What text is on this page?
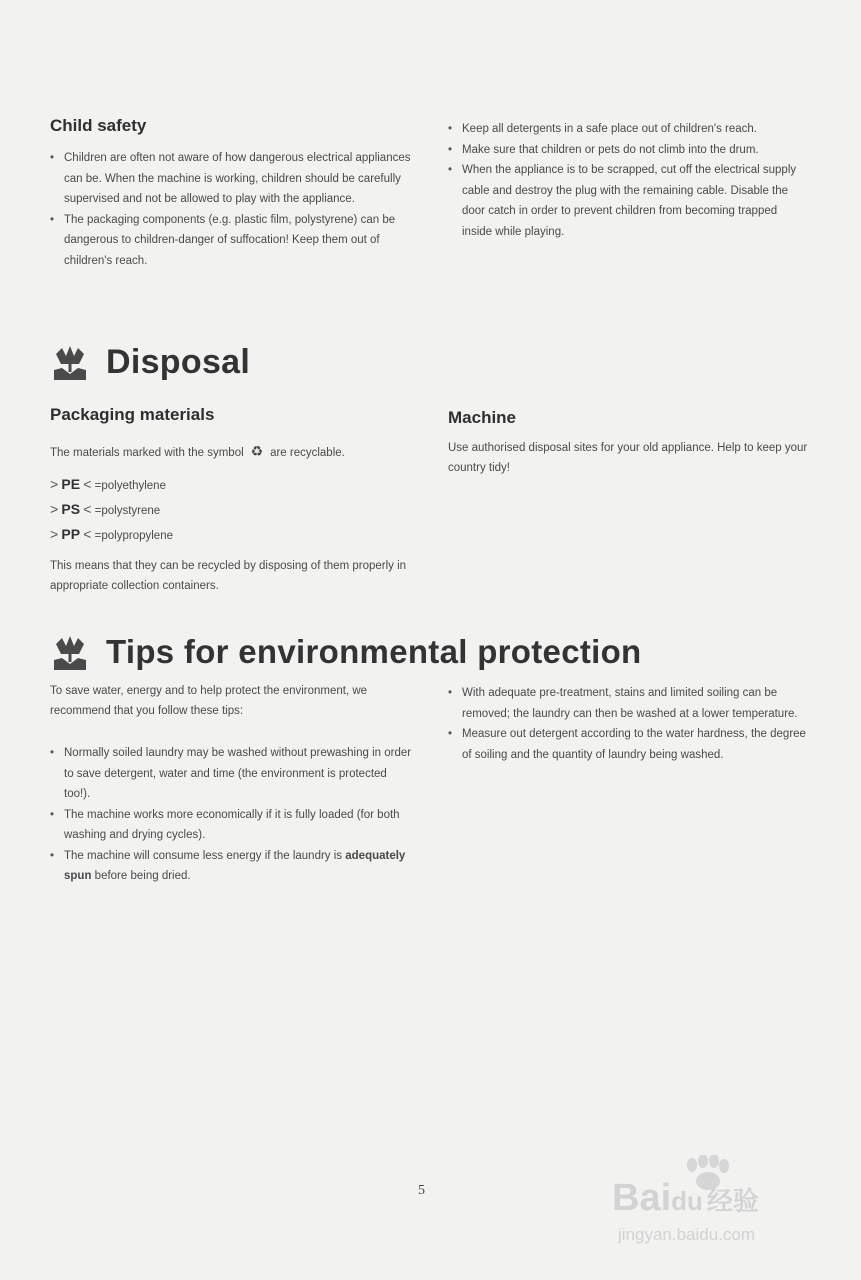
Child safety
• Children are often not aware of how dangerous electrical appliances can be. When the machine is working, children should be carefully supervised and not be allowed to play with the appliance.
• The packaging components (e.g. plastic film, polystyrene) can be dangerous to children-danger of suffocation! Keep them out of children's reach.
• Keep all detergents in a safe place out of children's reach.
• Make sure that children or pets do not climb into the drum.
• When the appliance is to be scrapped, cut off the electrical supply cable and destroy the plug with the remaining cable. Disable the door catch in order to prevent children from becoming trapped inside while playing.
Disposal
Packaging materials
The materials marked with the symbol ♻ are recyclable.
> PE < =polyethylene
> PS < =polystyrene
> PP < =polypropylene
This means that they can be recycled by disposing of them properly in appropriate collection containers.
Machine
Use authorised disposal sites for your old appliance. Help to keep your country tidy!
Tips for environmental protection
To save water, energy and to help protect the environment, we recommend that you follow these tips:
• Normally soiled laundry may be washed without prewashing in order to save detergent, water and time (the environment is protected too!).
• The machine works more economically if it is fully loaded (for both washing and drying cycles).
• The machine will consume less energy if the laundry is adequately spun before being dried.
• With adequate pre-treatment, stains and limited soiling can be removed; the laundry can then be washed at a lower temperature.
• Measure out detergent according to the water hardness, the degree of soiling and the quantity of laundry being washed.
5	Baidu 经验
jingyan.baidu.com
